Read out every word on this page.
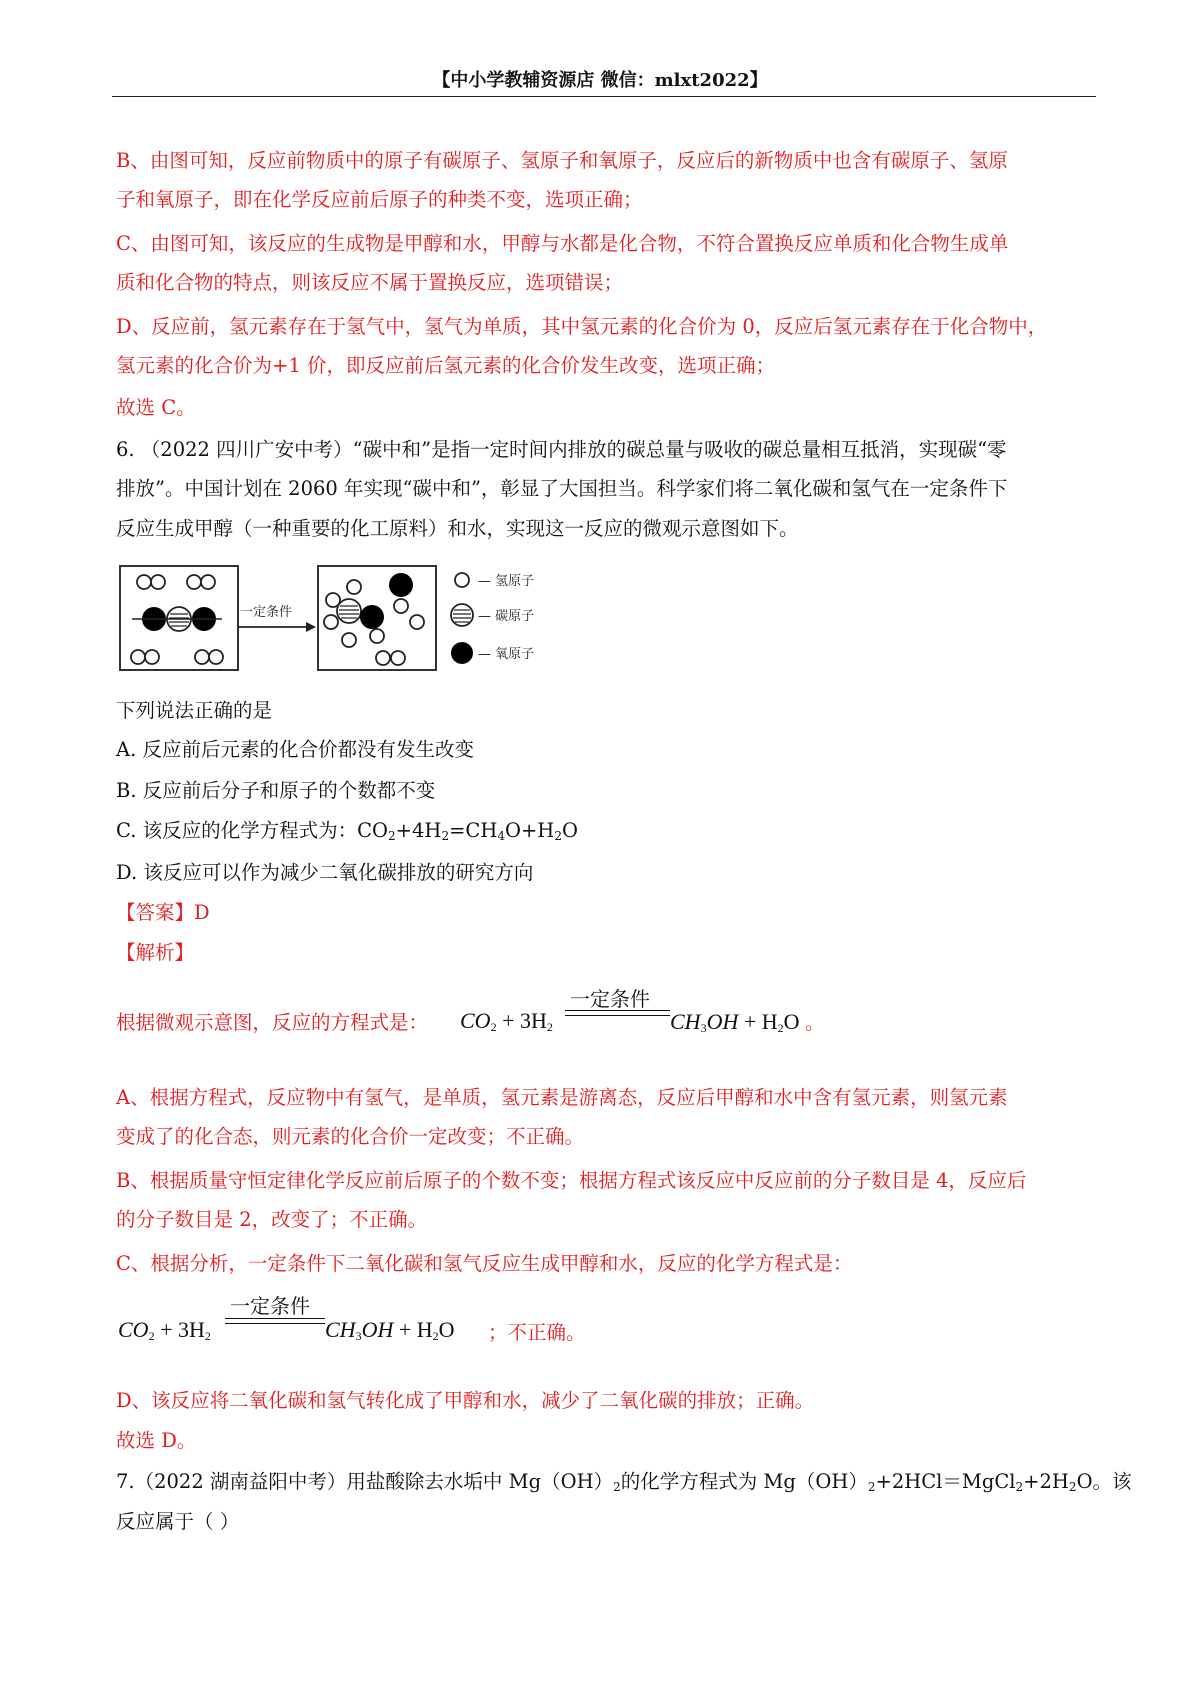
【中小学教辅资源店 微信：mlxt2022】
B、由图可知，反应前物质中的原子有碳原子、氢原子和氧原子，反应后的新物质中也含有碳原子、氢原
子和氧原子，即在化学反应前后原子的种类不变，选项正确；
C、由图可知，该反应的生成物是甲醇和水，甲醇与水都是化合物，不符合置换反应单质和化合物生成单
质和化合物的特点，则该反应不属于置换反应，选项错误；
D、反应前，氢元素存在于氢气中，氢气为单质，其中氢元素的化合价为 0，反应后氢元素存在于化合物中，
氢元素的化合价为+1 价，即反应前后氢元素的化合价发生改变，选项正确；
故选 C。
6. （2022 四川广安中考）“碳中和”是指一定时间内排放的碳总量与吸收的碳总量相互抵消，实现碳“零
排放”。中国计划在 2060 年实现“碳中和”，彰显了大国担当。科学家们将二氧化碳和氢气在一定条件下
反应生成甲醇（一种重要的化工原料）和水，实现这一反应的微观示意图如下。
一定条件
— 氢原子
— 碳原子
— 氧原子
下列说法正确的是
A. 反应前后元素的化合价都没有发生改变
B. 反应前后分子和原子的个数都不变
C. 该反应的化学方程式为：$CO_2+4H_2=CH_4O+H_2O$
D. 该反应可以作为减少二氧化碳排放的研究方向
【答案】D
【解析】
根据微观示意图，反应的方程式是： $CO_2 + 3H_2$
一定条件
$CH_3OH + H_2O$ 。
A、根据方程式，反应物中有氢气，是单质，氢元素是游离态，反应后甲醇和水中含有氢元素，则氢元素
变成了的化合态，则元素的化合价一定改变；不正确。
B、根据质量守恒定律化学反应前后原子的个数不变；根据方程式该反应中反应前的分子数目是 4，反应后
的分子数目是 2，改变了；不正确。
C、根据分析，一定条件下二氧化碳和氢气反应生成甲醇和水，反应的化学方程式是：
$CO_2 + 3H_2$
一定条件
$CH_3OH + H_2O$ ；不正确。
D、该反应将二氧化碳和氢气转化成了甲醇和水，减少了二氧化碳的排放；正确。
故选 D。
7.（2022 湖南益阳中考）用盐酸除去水垢中 $Mg(OH)_2$的化学方程式为 $Mg(OH)_2+2HCl=MgCl_2+2H_2O$。该
反应属于（ ）
